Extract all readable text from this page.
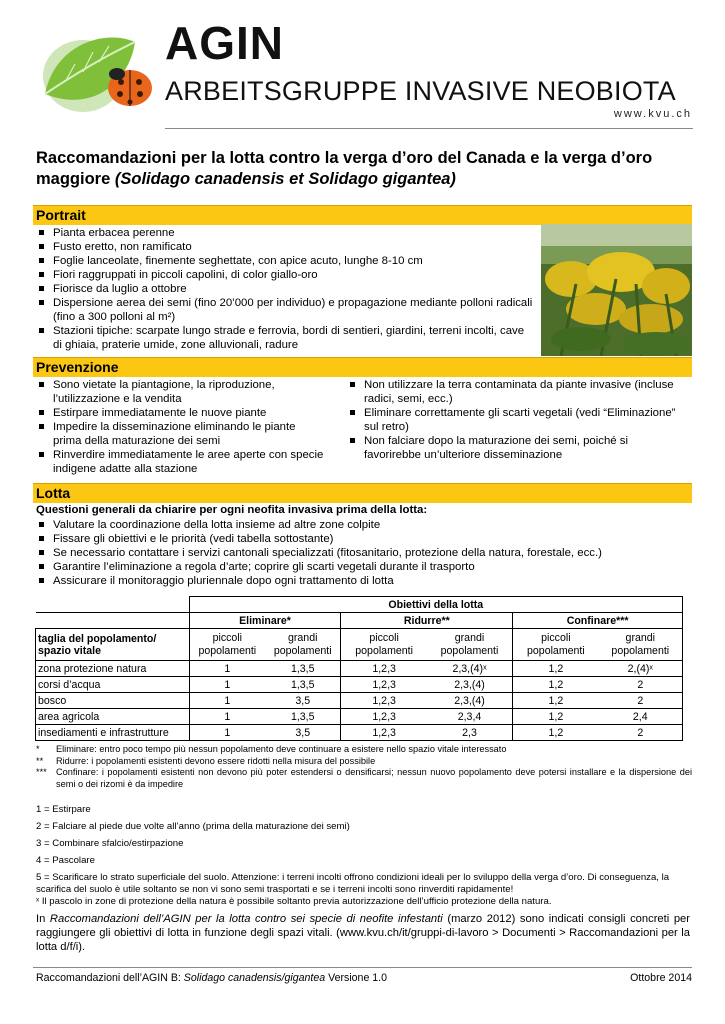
AGIN
ARBEITSGRUPPE INVASIVE NEOBIOTA
www.kvu.ch
Raccomandazioni per la lotta contro la verga d’oro del Canada e la verga d’oro maggiore (Solidago canadensis et Solidago gigantea)
Portrait
Pianta erbacea perenne
Fusto eretto, non ramificato
Foglie lanceolate, finemente seghettate, con apice acuto, lunghe 8-10 cm
Fiori raggruppati in piccoli capolini, di color giallo-oro
Fiorisce da luglio a ottobre
Dispersione aerea dei semi (fino 20’000 per individuo) e propagazione mediante polloni radicali (fino a 300 polloni al m²)
Stazioni tipiche: scarpate lungo strade e ferrovia, bordi di sentieri, giardini, terreni incolti, cave di ghiaia, praterie umide, zone alluvionali, radure
Prevenzione
Sono vietate la piantagione, la riproduzione, l’utilizzazione e la vendita
Estirpare immediatamente le nuove piante
Impedire la disseminazione eliminando le piante prima della maturazione dei semi
Rinverdire immediatamente le aree aperte con specie indigene adatte alla stazione
Non utilizzare la terra contaminata da piante invasive (incluse radici, semi, ecc.)
Eliminare correttamente gli scarti vegetali (vedi “Eliminazione” sul retro)
Non falciare dopo la maturazione dei semi, poiché si favorirebbe un’ulteriore disseminazione
Lotta
Questioni generali da chiarire per ogni neofita invasiva prima della lotta:
Valutare la coordinazione della lotta insieme ad altre zone colpite
Fissare gli obiettivi e le priorità (vedi tabella sottostante)
Se necessario contattare i servizi cantonali specializzati (fitosanitario, protezione della natura, forestale, ecc.)
Garantire l’eliminazione a regola d’arte; coprire gli scarti vegetali durante il trasporto
Assicurare il monitoraggio pluriennale dopo ogni trattamento di lotta
	Obiettivi della lotta					
	Eliminare*		Ridurre**		Confinare***	
taglia del popolamento/
spazio vitale	piccoli
popolamenti	grandi
popolamenti	piccoli
popolamenti	grandi
popolamenti	piccoli
popolamenti	grandi
popolamenti
zona protezione natura	1	1,3,5	1,2,3	2,3,(4)ˣ	1,2	2,(4)ˣ
corsi d’acqua	1	1,3,5	1,2,3	2,3,(4)	1,2	2
bosco	1	3,5	1,2,3	2,3,(4)	1,2	2
area agricola	1	1,3,5	1,2,3	2,3,4	1,2	2,4
insediamenti e infrastrutture	1	3,5	1,2,3	2,3	1,2	2
* Eliminare: entro poco tempo più nessun popolamento deve continuare a esistere nello spazio vitale interessato
** Ridurre: i popolamenti esistenti devono essere ridotti nella misura del possibile
*** Confinare: i popolamenti esistenti non devono più poter estendersi o densificarsi; nessun nuovo popolamento deve potersi installare e la dispersione dei semi o dei rizomi è da impedire
1 = Estirpare
2 = Falciare al piede due volte all’anno (prima della maturazione dei semi)
3 = Combinare sfalcio/estirpazione
4 = Pascolare
5 = Scarificare lo strato superficiale del suolo. Attenzione: i terreni incolti offrono condizioni ideali per lo sviluppo della verga d’oro. Di conseguenza, la scarifica del suolo è utile soltanto se non vi sono semi trasportati e se i terreni incolti sono rinverditi rapidamente!
ˣ Il pascolo in zone di protezione della natura è possibile soltanto previa autorizzazione dell’ufficio protezione della natura.
In Raccomandazioni dell’AGIN per la lotta contro sei specie di neofite infestanti (marzo 2012) sono indicati consigli concreti per raggiungere gli obiettivi di lotta in funzione degli spazi vitali. (www.kvu.ch/it/gruppi-di-lavoro > Documenti > Raccomandazioni per la lotta d/f/i).
Raccomandazioni dell’AGIN B: Solidago canadensis/gigantea Versione 1.0	Ottobre 2014
